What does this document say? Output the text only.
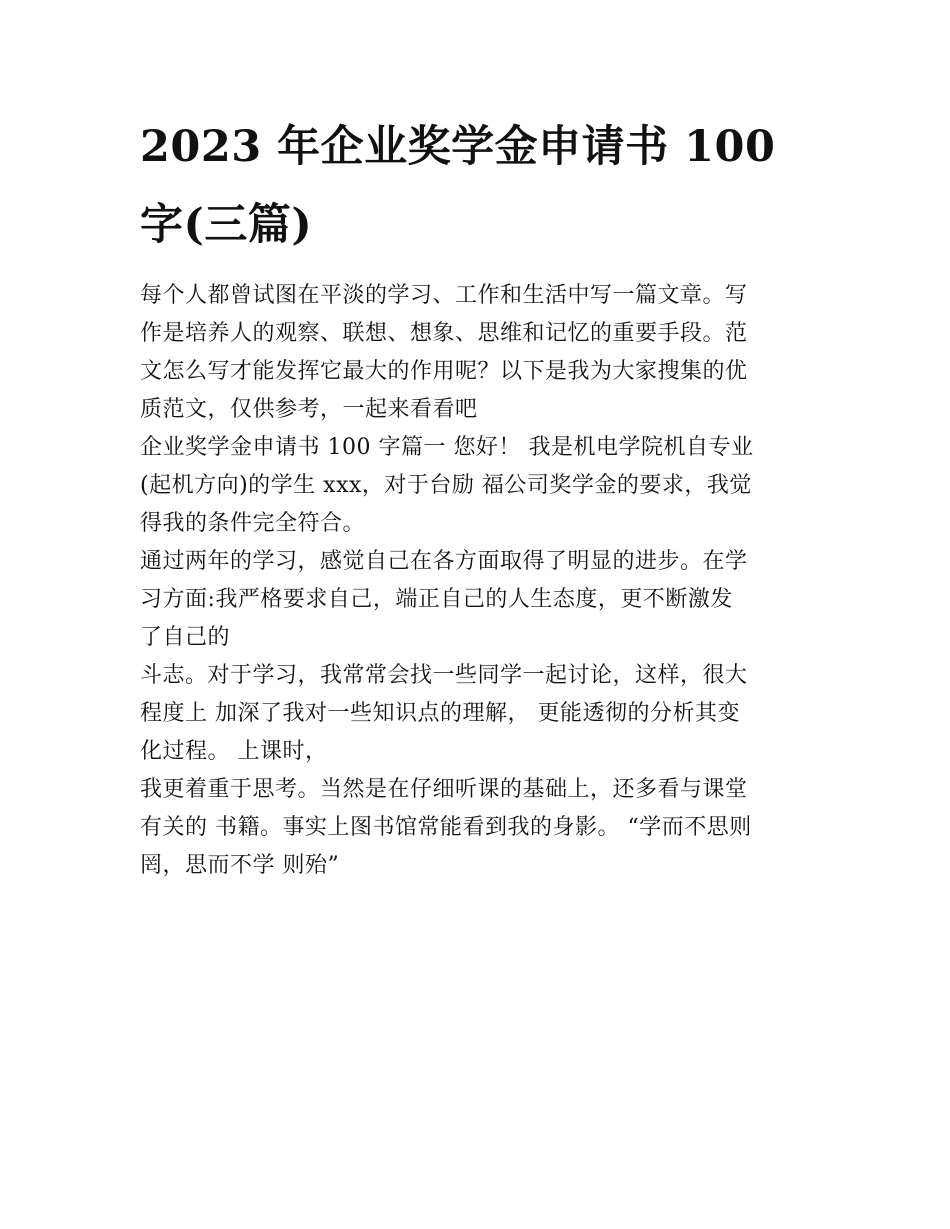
2023 年企业奖学金申请书 100
字(三篇)
每个人都曾试图在平淡的学习、工作和生活中写一篇文章。写
作是培养人的观察、联想、想象、思维和记忆的重要手段。范
文怎么写才能发挥它最大的作用呢？以下是我为大家搜集的优
质范文，仅供参考，一起来看看吧
企业奖学金申请书 100 字篇一 您好！ 我是机电学院机自专业
(起机方向)的学生 xxx，对于台励 福公司奖学金的要求，我觉
得我的条件完全符合。
通过两年的学习，感觉自己在各方面取得了明显的进步。在学
习方面:我严格要求自己，端正自己的人生态度，更不断激发
了自己的
斗志。对于学习，我常常会找一些同学一起讨论，这样，很大
程度上 加深了我对一些知识点的理解， 更能透彻的分析其变
化过程。 上课时，
我更着重于思考。当然是在仔细听课的基础上，还多看与课堂
有关的 书籍。事实上图书馆常能看到我的身影。 “学而不思则
罔，思而不学 则殆”
